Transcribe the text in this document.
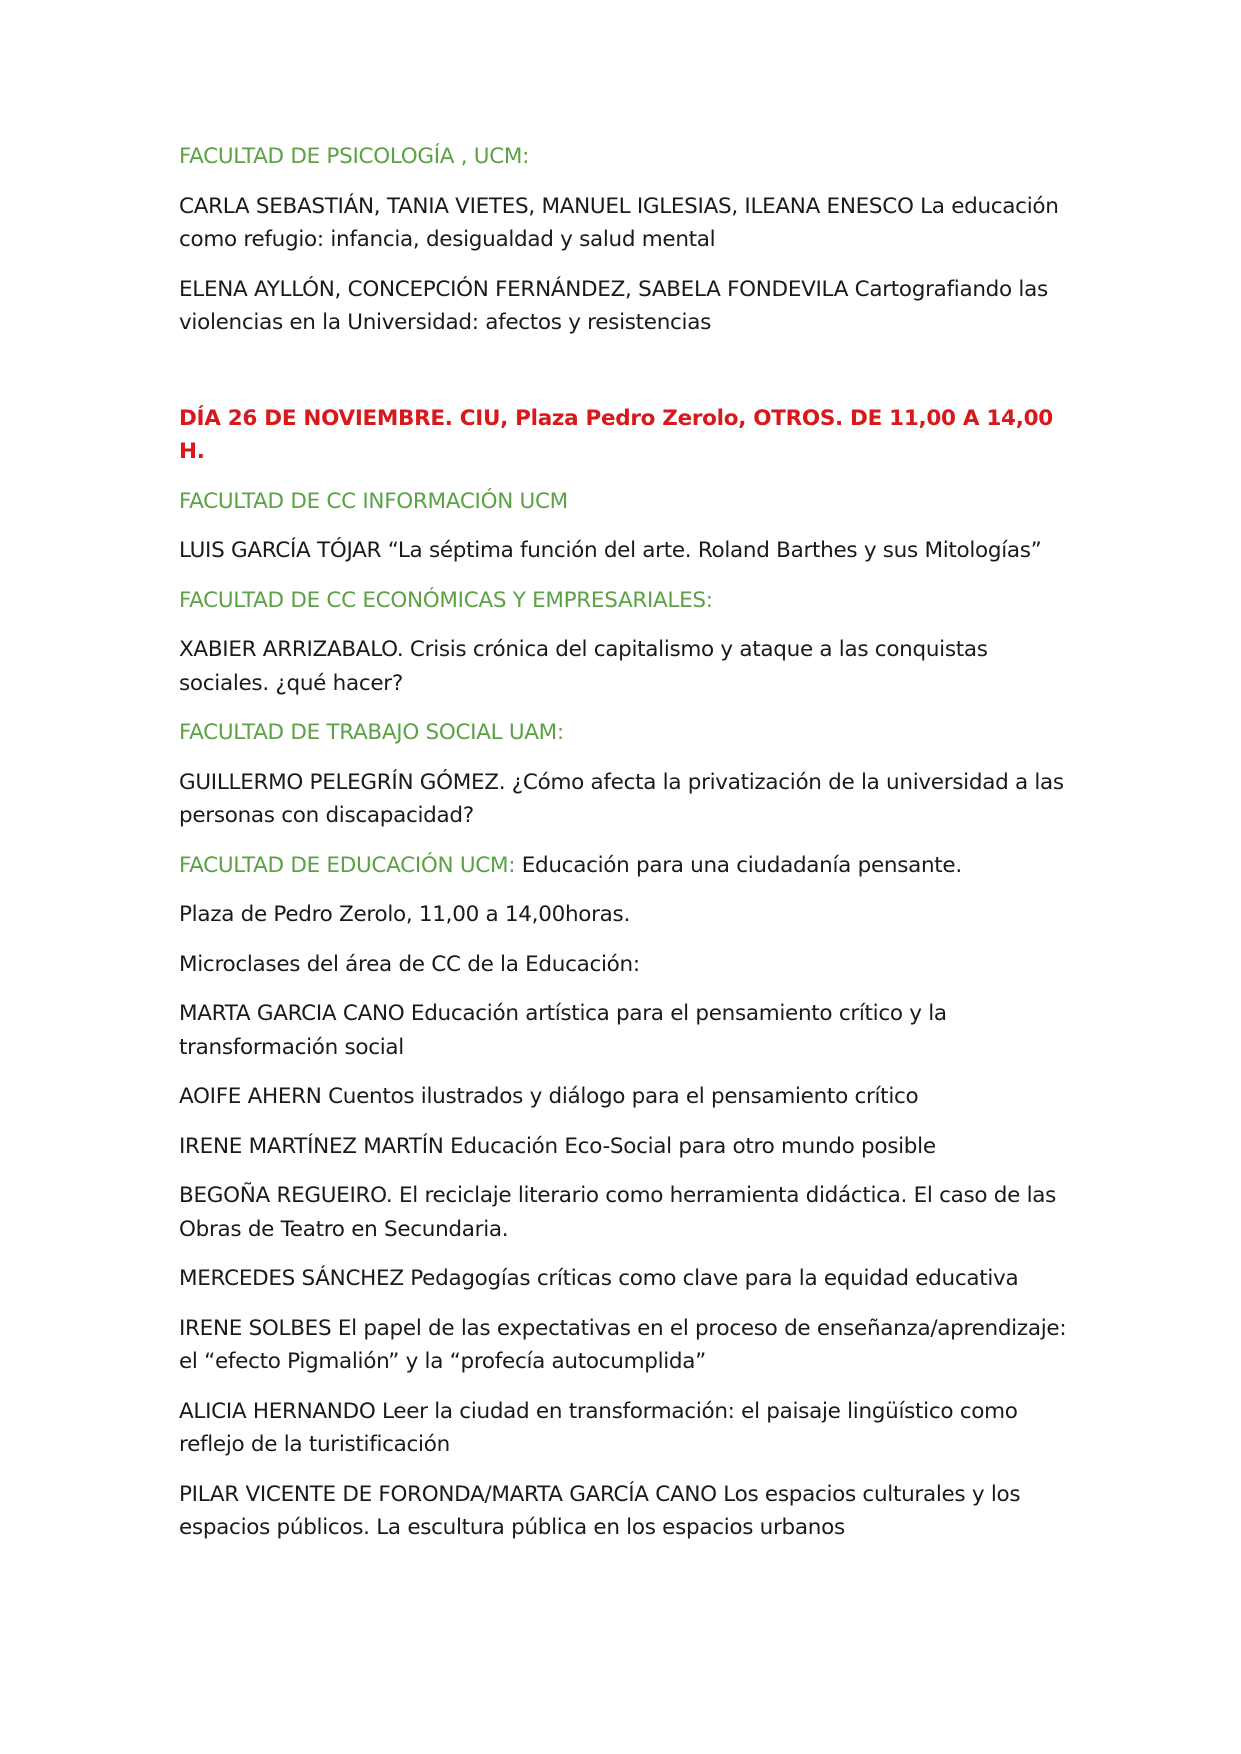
FACULTAD DE PSICOLOGÍA , UCM:

CARLA SEBASTIÁN, TANIA VIETES, MANUEL IGLESIAS, ILEANA ENESCO La educación como refugio: infancia, desigualdad y salud mental

ELENA AYLLÓN, CONCEPCIÓN FERNÁNDEZ, SABELA FONDEVILA Cartografiando las violencias en la Universidad: afectos y resistencias

DÍA 26 DE NOVIEMBRE. CIU, Plaza Pedro Zerolo, OTROS. DE 11,00 A 14,00 H.

FACULTAD DE CC INFORMACIÓN UCM

LUIS GARCÍA TÓJAR “La séptima función del arte. Roland Barthes y sus Mitologías”

FACULTAD DE CC ECONÓMICAS Y EMPRESARIALES:

XABIER ARRIZABALO. Crisis crónica del capitalismo y ataque a las conquistas sociales. ¿qué hacer?

FACULTAD DE TRABAJO SOCIAL UAM:

GUILLERMO PELEGRÍN GÓMEZ. ¿Cómo afecta la privatización de la universidad a las personas con discapacidad?

FACULTAD DE EDUCACIÓN UCM: Educación para una ciudadanía pensante.

Plaza de Pedro Zerolo, 11,00 a 14,00horas.

Microclases del área de CC de la Educación:

MARTA GARCIA CANO Educación artística para el pensamiento crítico y la transformación social

AOIFE AHERN Cuentos ilustrados y diálogo para el pensamiento crítico

IRENE MARTÍNEZ MARTÍN Educación Eco-Social para otro mundo posible

BEGOÑA REGUEIRO. El reciclaje literario como herramienta didáctica. El caso de las Obras de Teatro en Secundaria.

MERCEDES SÁNCHEZ Pedagogías críticas como clave para la equidad educativa

IRENE SOLBES El papel de las expectativas en el proceso de enseñanza/aprendizaje: el “efecto Pigmalión” y la “profecía autocumplida”

ALICIA HERNANDO Leer la ciudad en transformación: el paisaje lingüístico como reflejo de la turistificación

PILAR VICENTE DE FORONDA/MARTA GARCÍA CANO Los espacios culturales y los espacios públicos. La escultura pública en los espacios urbanos
